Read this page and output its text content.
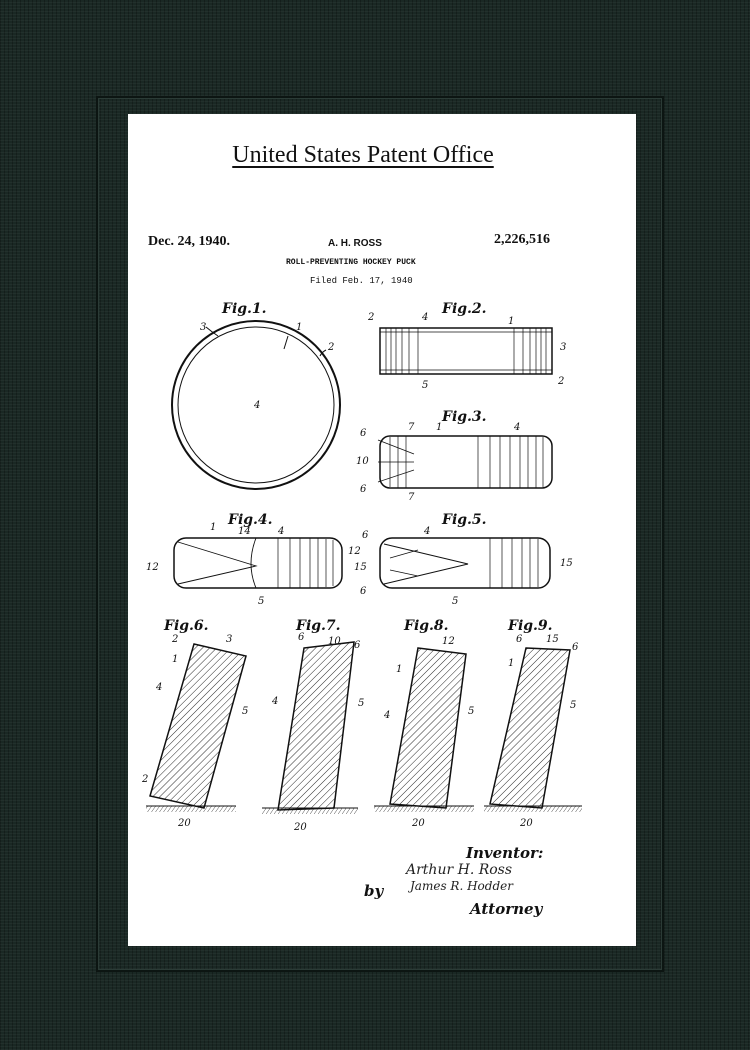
United States Patent Office
Dec. 24, 1940.	A. H. ROSS	2,226,516
ROLL-PREVENTING HOCKEY PUCK
Filed Feb. 17, 1940
Fig.1.
3	1
2
4
Fig.2.
2	4	1
3
2
5
Fig.3.
6
10
6
7
7
1	4
Fig.4.
1 14	4
12
12
5
Fig.5.
6	4
15
6
15
5
Fig.6.
2	3
1
4
5
2
20
Fig.7.
6 10 6
4	5
20
Fig.8.
12
1
4	5
20
Fig.9.
6 15
6
1
5
20
Inventor:
Arthur H. Ross
by James R. Hodder
Attorney
